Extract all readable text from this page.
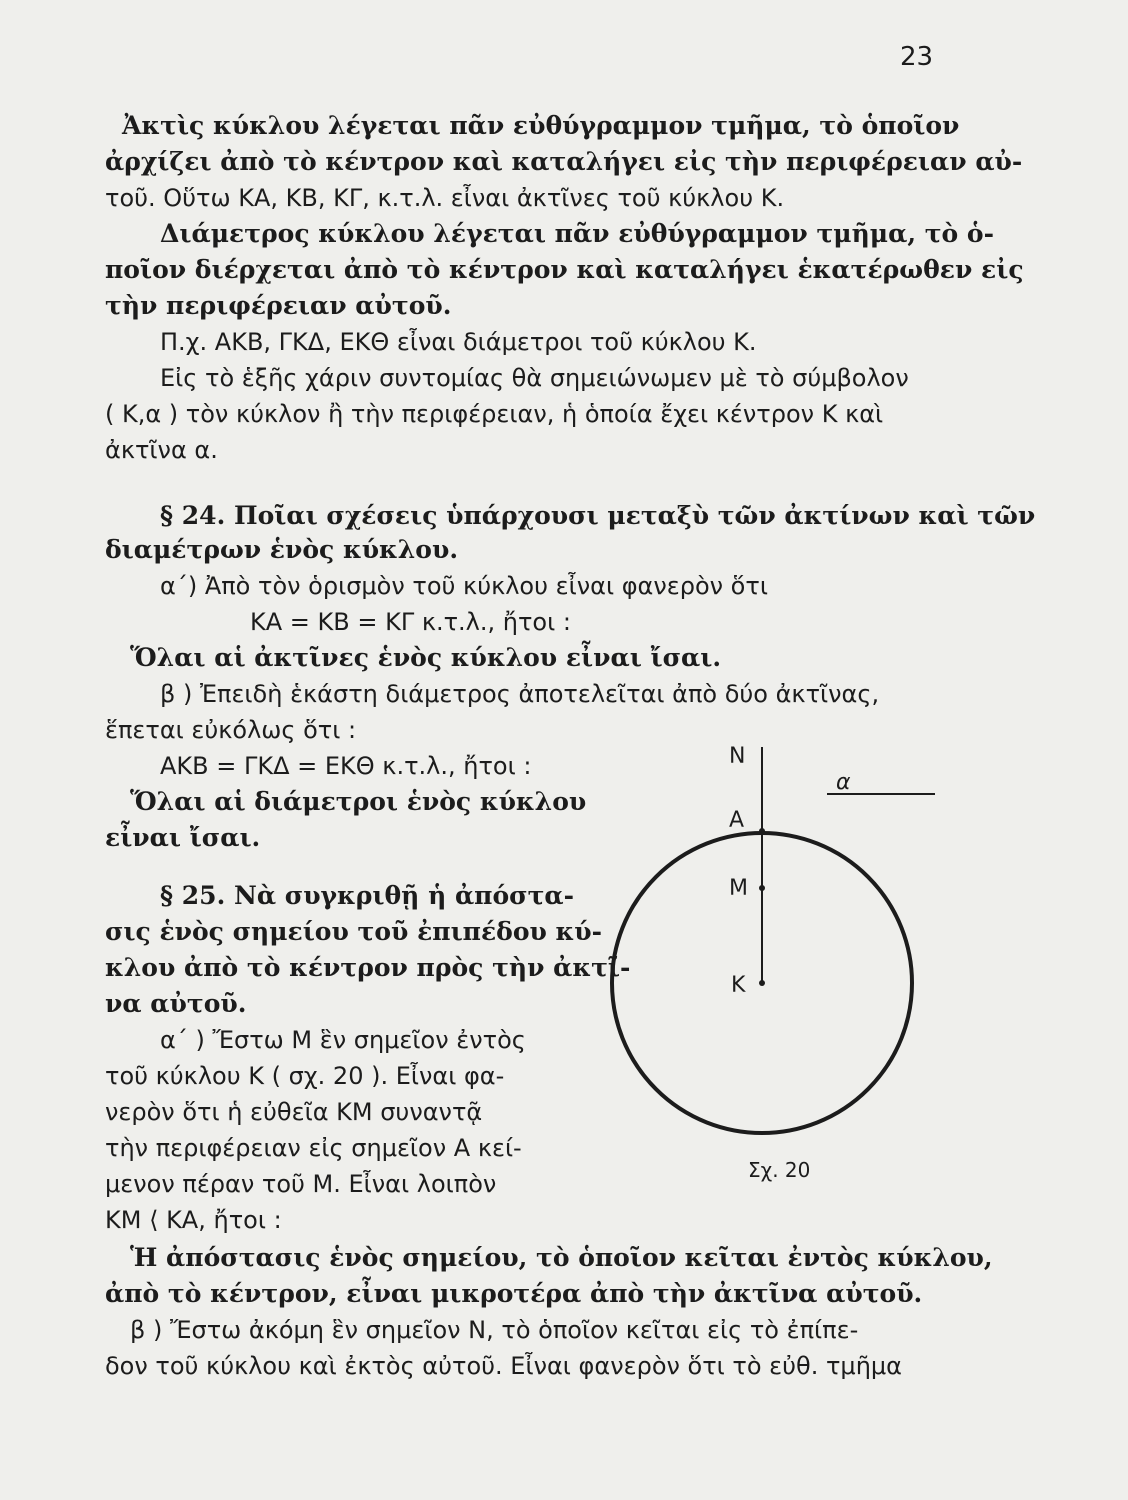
23
Ἀκτὶς κύκλου λέγεται πᾶν εὐθύγραμμον τμῆμα, τὸ ὁποῖον
ἀρχίζει ἀπὸ τὸ κέντρον καὶ καταλήγει εἰς τὴν περιφέρειαν αὐ-
τοῦ. Οὕτω ΚΑ, ΚΒ, ΚΓ, κ.τ.λ. εἶναι ἀκτῖνες τοῦ κύκλου Κ.
Διάμετρος κύκλου λέγεται πᾶν εὐθύγραμμον τμῆμα, τὸ ὁ-
ποῖον διέρχεται ἀπὸ τὸ κέντρον καὶ καταλήγει ἑκατέρωθεν εἰς
τὴν περιφέρειαν αὐτοῦ.
Π.χ. ΑΚΒ, ΓΚΔ, ΕΚΘ εἶναι διάμετροι τοῦ κύκλου Κ.
Εἰς τὸ ἑξῆς χάριν συντομίας θὰ σημειώνωμεν μὲ τὸ σύμβολον
( Κ,α ) τὸν κύκλον ἢ τὴν περιφέρειαν, ἡ ὁποία ἔχει κέντρον Κ καὶ
ἀκτῖνα α.
§ 24. Ποῖαι σχέσεις ὑπάρχουσι μεταξὺ τῶν ἀκτίνων καὶ τῶν
διαμέτρων ἑνὸς κύκλου.
α΄) Ἀπὸ τὸν ὁρισμὸν τοῦ κύκλου εἶναι φανερὸν ὅτι
ΚΑ = ΚΒ = ΚΓ κ.τ.λ., ἤτοι :
Ὅλαι αἱ ἀκτῖνες ἑνὸς κύκλου εἶναι ἴσαι.
β ) Ἐπειδὴ ἑκάστη διάμετρος ἀποτελεῖται ἀπὸ δύο ἀκτῖνας,
ἕπεται εὐκόλως ὅτι :
ΑΚΒ = ΓΚΔ = ΕΚΘ κ.τ.λ., ἤτοι :
Ὅλαι αἱ διάμετροι ἑνὸς κύκλου
εἶναι ἴσαι.
§ 25. Νὰ συγκριθῇ ἡ ἀπόστα-
σις ἑνὸς σημείου τοῦ ἐπιπέδου κύ-
κλου ἀπὸ τὸ κέντρον πρὸς τὴν ἀκτῖ-
να αὐτοῦ.
α΄ ) Ἔστω Μ ἓν σημεῖον ἐντὸς
τοῦ κύκλου Κ ( σχ. 20 ). Εἶναι φα-
νερὸν ὅτι ἡ εὐθεῖα ΚΜ συναντᾷ
τὴν περιφέρειαν εἰς σημεῖον Α κεί-
μενον πέραν τοῦ Μ. Εἶναι λοιπὸν
ΚΜ ⟨ ΚΑ, ἤτοι :
Ἡ ἀπόστασις ἑνὸς σημείου, τὸ ὁποῖον κεῖται ἐντὸς κύκλου,
ἀπὸ τὸ κέντρον, εἶναι μικροτέρα ἀπὸ τὴν ἀκτῖνα αὐτοῦ.
β ) Ἔστω ἀκόμη ἓν σημεῖον Ν, τὸ ὁποῖον κεῖται εἰς τὸ ἐπίπε-
δον τοῦ κύκλου καὶ ἐκτὸς αὐτοῦ. Εἶναι φανερὸν ὅτι τὸ εὐθ. τμῆμα
Ν
Α
Μ
Κ
α
Σχ. 20
